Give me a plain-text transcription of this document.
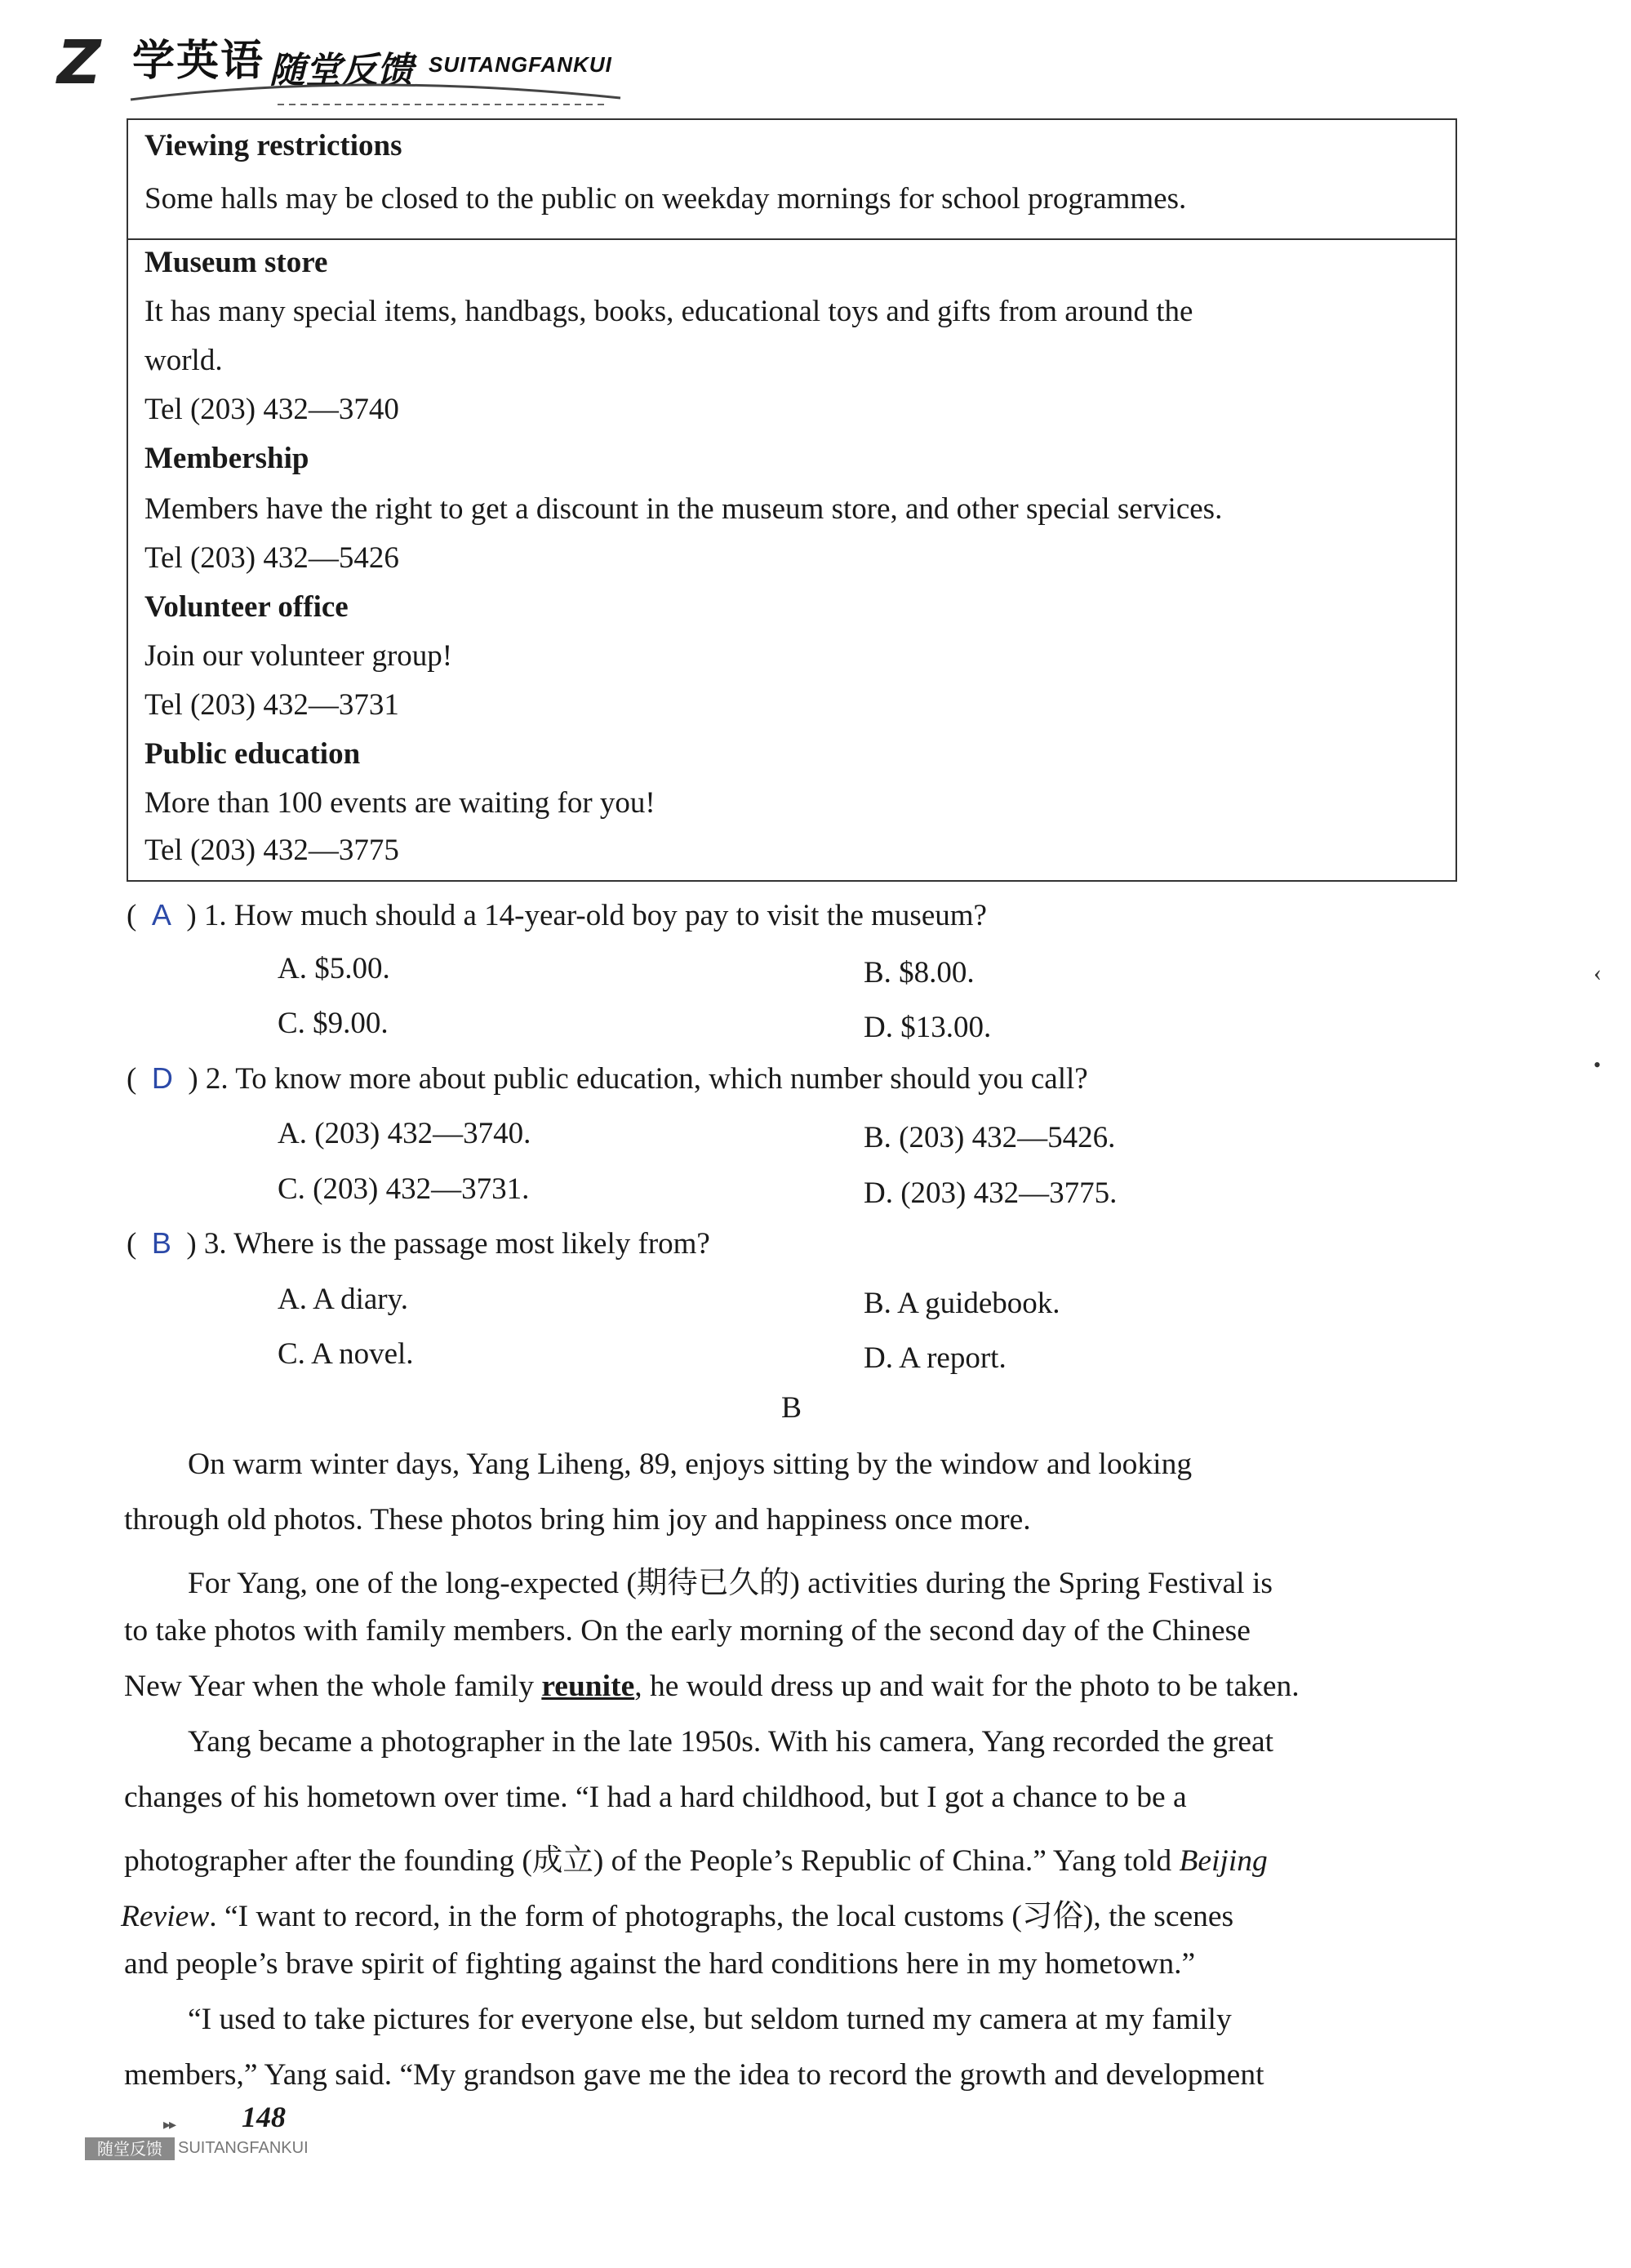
Z 学英语 随堂反馈 SUITANGFANKUI
Viewing restrictions
Some halls may be closed to the public on weekday mornings for school programmes.
Museum store
It has many special items, handbags, books, educational toys and gifts from around the
world.
Tel (203) 432—3740
Membership
Members have the right to get a discount in the museum store, and other special services.
Tel (203) 432—5426
Volunteer office
Join our volunteer group!
Tel (203) 432—3731
Public education
More than 100 events are waiting for you!
Tel (203) 432—3775
(  A  ) 1. How much should a 14-year-old boy pay to visit the museum?
A. $5.00.	B. $8.00.
C. $9.00.	D. $13.00.
(  D  ) 2. To know more about public education, which number should you call?
A. (203) 432—3740.	B. (203) 432—5426.
C. (203) 432—3731.	D. (203) 432—3775.
(  B  ) 3. Where is the passage most likely from?
A. A diary.	B. A guidebook.
C. A novel.	D. A report.
B
On warm winter days, Yang Liheng, 89, enjoys sitting by the window and looking
through old photos. These photos bring him joy and happiness once more.
For Yang, one of the long-expected (期待已久的) activities during the Spring Festival is
to take photos with family members. On the early morning of the second day of the Chinese
New Year when the whole family reunite, he would dress up and wait for the photo to be taken.
Yang became a photographer in the late 1950s. With his camera, Yang recorded the great
changes of his hometown over time. “I had a hard childhood, but I got a chance to be a
photographer after the founding (成立) of the People’s Republic of China.” Yang told Beijing
Review. “I want to record, in the form of photographs, the local customs (习俗), the scenes
and people’s brave spirit of fighting against the hard conditions here in my hometown.”
“I used to take pictures for everyone else, but seldom turned my camera at my family
members,” Yang said. “My grandson gave me the idea to record the growth and development
‹
•
▸▸ 148
随堂反馈 SUITANGFANKUI
